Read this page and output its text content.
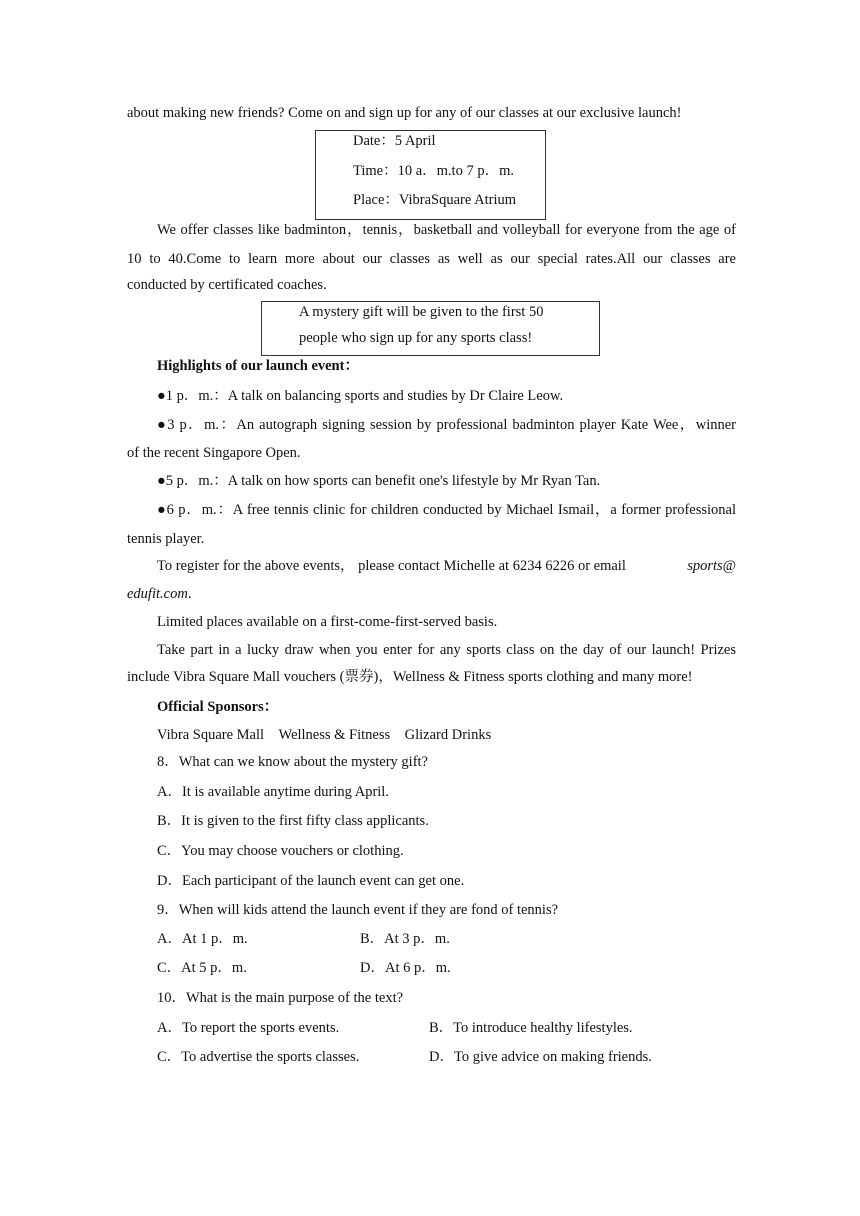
about making new friends? Come on and sign up for any of our classes at our exclusive launch!
Date：5 April
Time：10 a．m.to 7 p．m.
Place：VibraSquare Atrium
We offer classes like badminton，tennis，basketball and volleyball for everyone from the age of
10 to 40.Come to learn more about our classes as well as our special rates.All our classes are
conducted by certificated coaches.
A mystery gift will be given to the first 50
people who sign up for any sports class!
Highlights of our launch event：
●1 p．m.：A talk on balancing sports and studies by Dr Claire Leow.
●3 p．m.：An autograph signing session by professional badminton player Kate Wee，winner
of the recent Singapore Open.
●5 p．m.：A talk on how sports can benefit one's lifestyle by Mr Ryan Tan.
●6 p．m.：A free tennis clinic for children conducted by Michael Ismail，a former professional
tennis player.
To register for the above events， please contact Michelle at 6234 6226 or email	sports@
edufit.com.
Limited places available on a first‐come‐first‐served basis.
Take part in a lucky draw when you enter for any sports class on the day of our launch! Prizes
include Vibra Square Mall vouchers (票券)，Wellness & Fitness sports clothing and many more!
Official Sponsors：
Vibra Square Mall　Wellness & Fitness　Glizard Drinks
8．What can we know about the mystery gift?
A．It is available anytime during April.
B．It is given to the first fifty class applicants.
C．You may choose vouchers or clothing.
D．Each participant of the launch event can get one.
9．When will kids attend the launch event if they are fond of tennis?
A．At 1 p．m.	B．At 3 p．m.
C．At 5 p．m.	D．At 6 p．m.
10．What is the main purpose of the text?
A．To report the sports events.	B．To introduce healthy lifestyles.
C．To advertise the sports classes.	D．To give advice on making friends.
